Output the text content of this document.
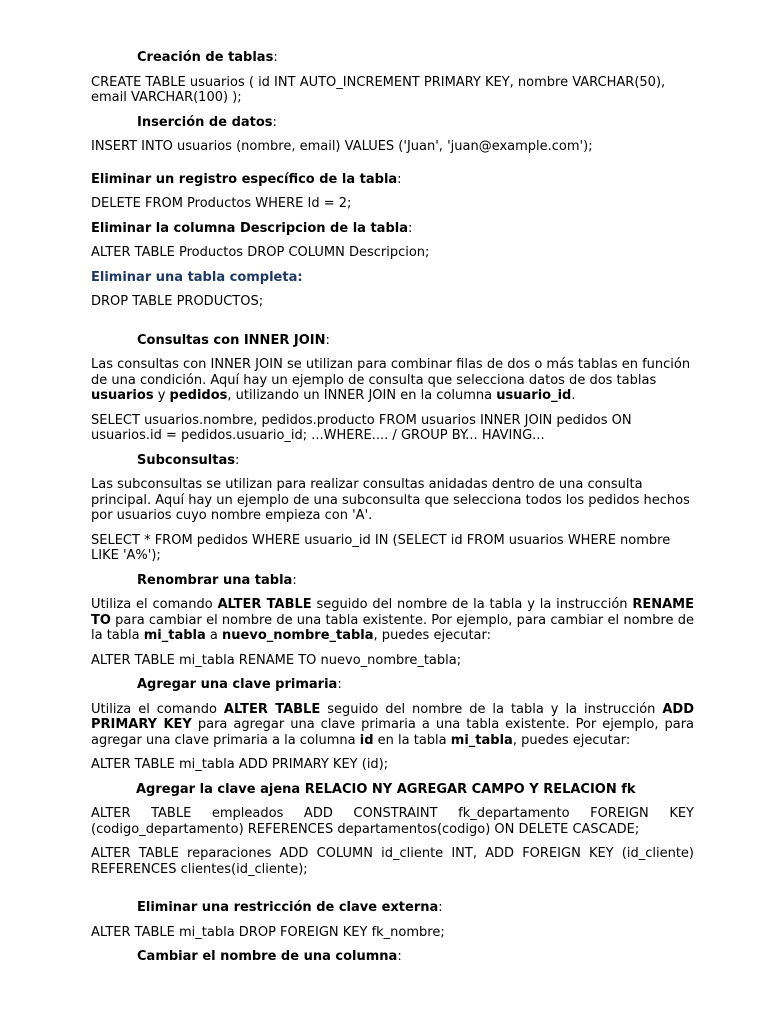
Creación de tablas:

CREATE TABLE usuarios ( id INT AUTO_INCREMENT PRIMARY KEY, nombre VARCHAR(50), email VARCHAR(100) );

Inserción de datos:

INSERT INTO usuarios (nombre, email) VALUES ('Juan', 'juan@example.com');

Eliminar un registro específico de la tabla:

DELETE FROM Productos WHERE Id = 2;

Eliminar la columna Descripcion de la tabla:

ALTER TABLE Productos DROP COLUMN Descripcion;

Eliminar una tabla completa:

DROP TABLE PRODUCTOS;

Consultas con INNER JOIN:

Las consultas con INNER JOIN se utilizan para combinar filas de dos o más tablas en función de una condición. Aquí hay un ejemplo de consulta que selecciona datos de dos tablas usuarios y pedidos, utilizando un INNER JOIN en la columna usuario_id.

SELECT usuarios.nombre, pedidos.producto FROM usuarios INNER JOIN pedidos ON usuarios.id = pedidos.usuario_id; ...WHERE.... / GROUP BY... HAVING...

Subconsultas:

Las subconsultas se utilizan para realizar consultas anidadas dentro de una consulta principal. Aquí hay un ejemplo de una subconsulta que selecciona todos los pedidos hechos por usuarios cuyo nombre empieza con 'A'.

SELECT * FROM pedidos WHERE usuario_id IN (SELECT id FROM usuarios WHERE nombre LIKE 'A%');

Renombrar una tabla:

Utiliza el comando ALTER TABLE seguido del nombre de la tabla y la instrucción RENAME TO para cambiar el nombre de una tabla existente. Por ejemplo, para cambiar el nombre de la tabla mi_tabla a nuevo_nombre_tabla, puedes ejecutar:

ALTER TABLE mi_tabla RENAME TO nuevo_nombre_tabla;

Agregar una clave primaria:

Utiliza el comando ALTER TABLE seguido del nombre de la tabla y la instrucción ADD PRIMARY KEY para agregar una clave primaria a una tabla existente. Por ejemplo, para agregar una clave primaria a la columna id en la tabla mi_tabla, puedes ejecutar:

ALTER TABLE mi_tabla ADD PRIMARY KEY (id);

Agregar la clave ajena RELACIO NY AGREGAR CAMPO Y RELACION fk

ALTER TABLE empleados ADD CONSTRAINT fk_departamento FOREIGN KEY (codigo_departamento) REFERENCES departamentos(codigo) ON DELETE CASCADE;

ALTER TABLE reparaciones ADD COLUMN id_cliente INT, ADD FOREIGN KEY (id_cliente) REFERENCES clientes(id_cliente);

Eliminar una restricción de clave externa:

ALTER TABLE mi_tabla DROP FOREIGN KEY fk_nombre;

Cambiar el nombre de una columna:
